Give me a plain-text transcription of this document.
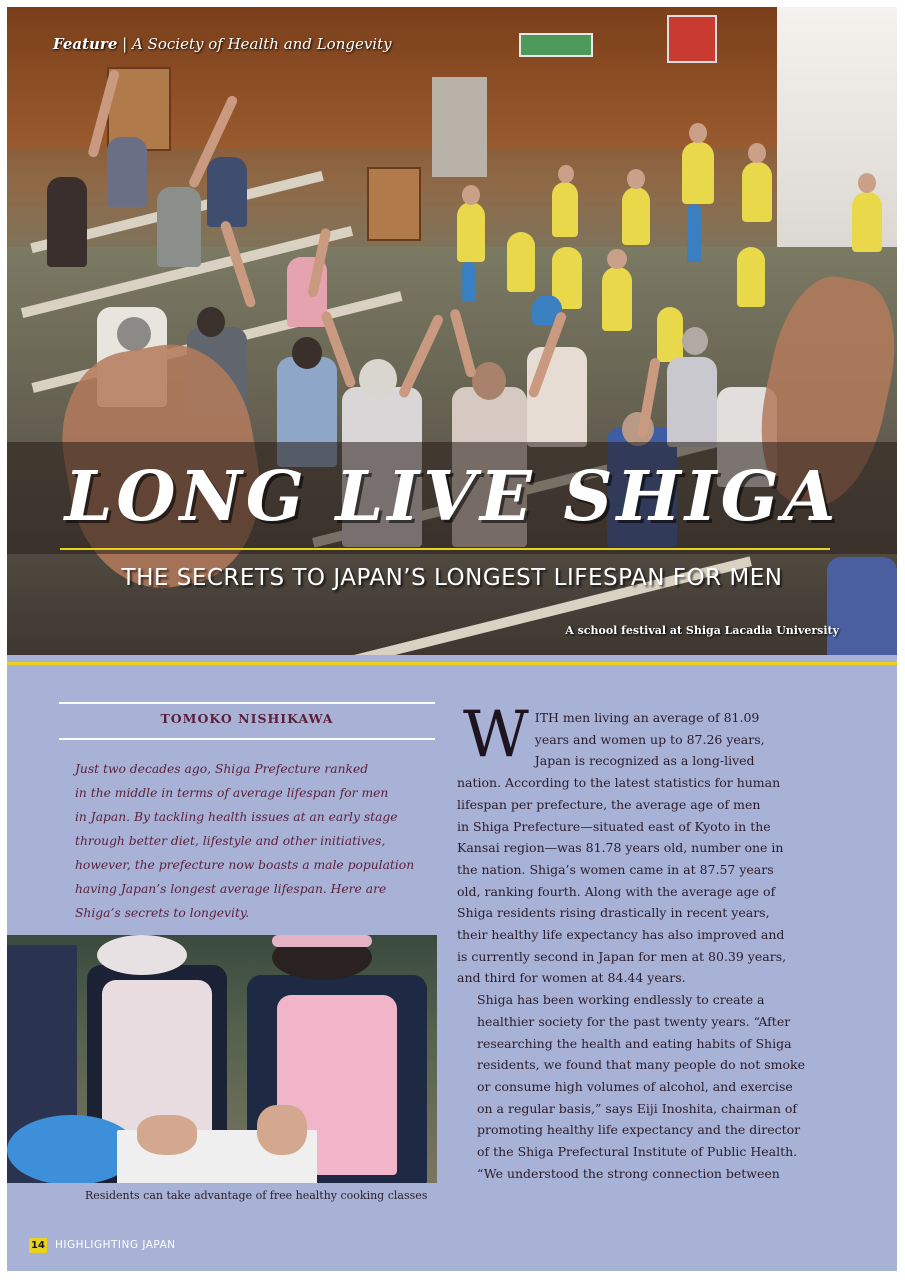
Feature | A Society of Health and Longevity
LONG LIVE SHIGA
THE SECRETS TO JAPAN’S LONGEST LIFESPAN FOR MEN
A school festival at Shiga Lacadia University
TOMOKO NISHIKAWA
Just two decades ago, Shiga Prefecture ranked
in the middle in terms of average lifespan for men
in Japan. By tackling health issues at an early stage
through better diet, lifestyle and other initiatives,
however, the prefecture now boasts a male population
having Japan’s longest average lifespan. Here are
Shiga’s secrets to longevity.
Residents can take advantage of free healthy cooking classes

W ITH men living an average of 81.09
years and women up to 87.26 years,
Japan is recognized as a long-lived
nation. According to the latest statistics for human
lifespan per prefecture, the average age of men
in Shiga Prefecture—situated east of Kyoto in the
Kansai region—was 81.78 years old, number one in
the nation. Shiga’s women came in at 87.57 years
old, ranking fourth. Along with the average age of
Shiga residents rising drastically in recent years,
their healthy life expectancy has also improved and
is currently second in Japan for men at 80.39 years,
and third for women at 84.44 years.

Shiga has been working endlessly to create a
healthier society for the past twenty years. “After
researching the health and eating habits of Shiga
residents, we found that many people do not smoke
or consume high volumes of alcohol, and exercise
on a regular basis,” says Eiji Inoshita, chairman of
promoting healthy life expectancy and the director
of the Shiga Prefectural Institute of Public Health.
“We understood the strong connection between

14 HIGHLIGHTING JAPAN
